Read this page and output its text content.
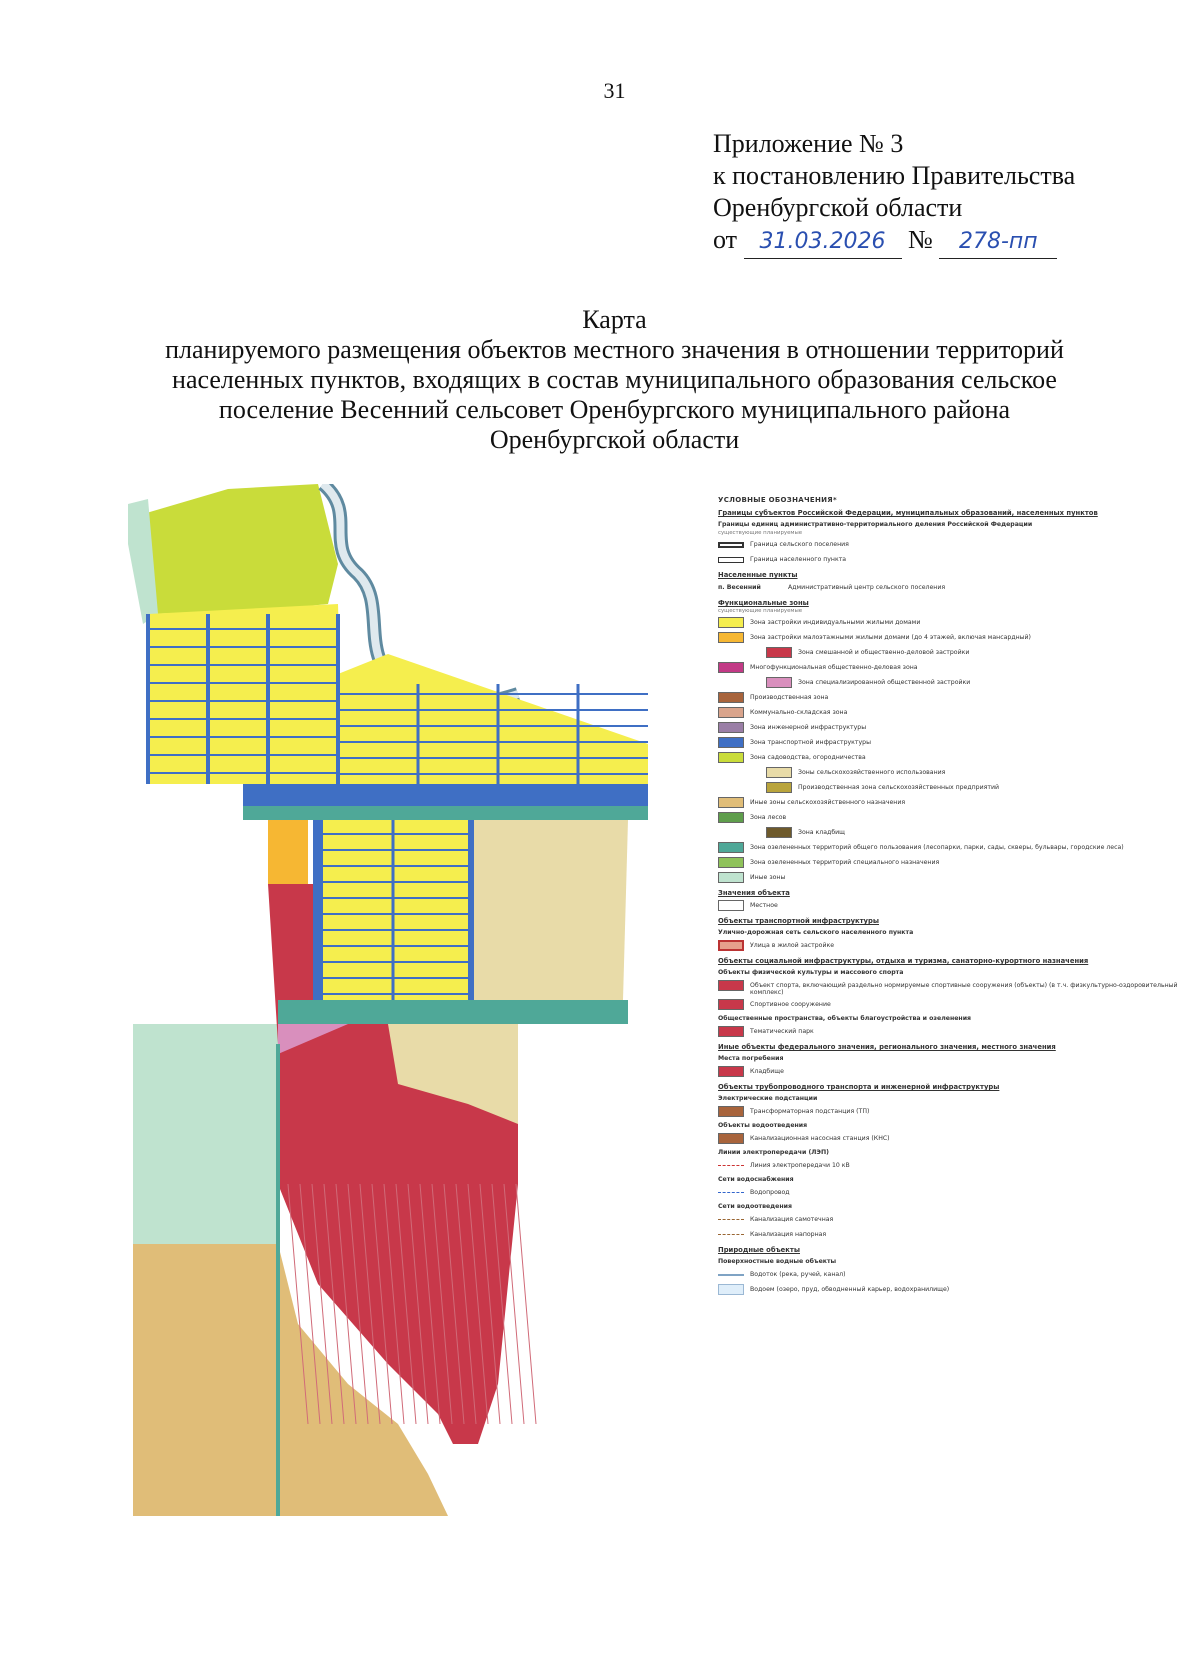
31
Приложение № 3
к постановлению Правительства
Оренбургской области
от 31.03.2026 № 278-пп
Карта
планируемого размещения объектов местного значения в отношении территорий
населенных пунктов, входящих в состав муниципального образования сельское
поселение Весенний сельсовет Оренбургского муниципального района
Оренбургской области
УСЛОВНЫЕ ОБОЗНАЧЕНИЯ*
Границы субъектов Российской Федерации, муниципальных образований, населенных пунктов
Границы единиц административно-территориального деления Российской Федерации
существующие планируемые
Граница сельского поселения
Граница населенного пункта
Населенные пункты
п. Весенний	Административный центр сельского поселения
Функциональные зоны
существующие планируемые
Зона застройки индивидуальными жилыми домами
Зона застройки малоэтажными жилыми домами (до 4 этажей, включая мансардный)
Зона смешанной и общественно-деловой застройки
Многофункциональная общественно-деловая зона
Зона специализированной общественной застройки
Производственная зона
Коммунально-складская зона
Зона инженерной инфраструктуры
Зона транспортной инфраструктуры
Зона садоводства, огородничества
Зоны сельскохозяйственного использования
Производственная зона сельскохозяйственных предприятий
Иные зоны сельскохозяйственного назначения
Зона лесов
Зона кладбищ
Зона озелененных территорий общего пользования (лесопарки, парки, сады, скверы, бульвары, городские леса)
Зона озелененных территорий специального назначения
Иные зоны
Значения объекта
Местное
Объекты транспортной инфраструктуры
Улично-дорожная сеть сельского населенного пункта
Улица в жилой застройке
Объекты социальной инфраструктуры, отдыха и туризма, санаторно-курортного назначения
Объекты физической культуры и массового спорта
Объект спорта, включающий раздельно нормируемые спортивные сооружения (объекты) (в т.ч. физкультурно-оздоровительный комплекс)
Спортивное сооружение
Общественные пространства, объекты благоустройства и озеленения
Тематический парк
Иные объекты федерального значения, регионального значения, местного значения
Места погребения
Кладбище
Объекты трубопроводного транспорта и инженерной инфраструктуры
Электрические подстанции
Трансформаторная подстанция (ТП)
Объекты водоотведения
Канализационная насосная станция (КНС)
Линии электропередачи (ЛЭП)
Линия электропередачи 10 кВ
Сети водоснабжения
Водопровод
Сети водоотведения
Канализация самотечная
Канализация напорная
Природные объекты
Поверхностные водные объекты
Водоток (река, ручей, канал)
Водоем (озеро, пруд, обводненный карьер, водохранилище)
